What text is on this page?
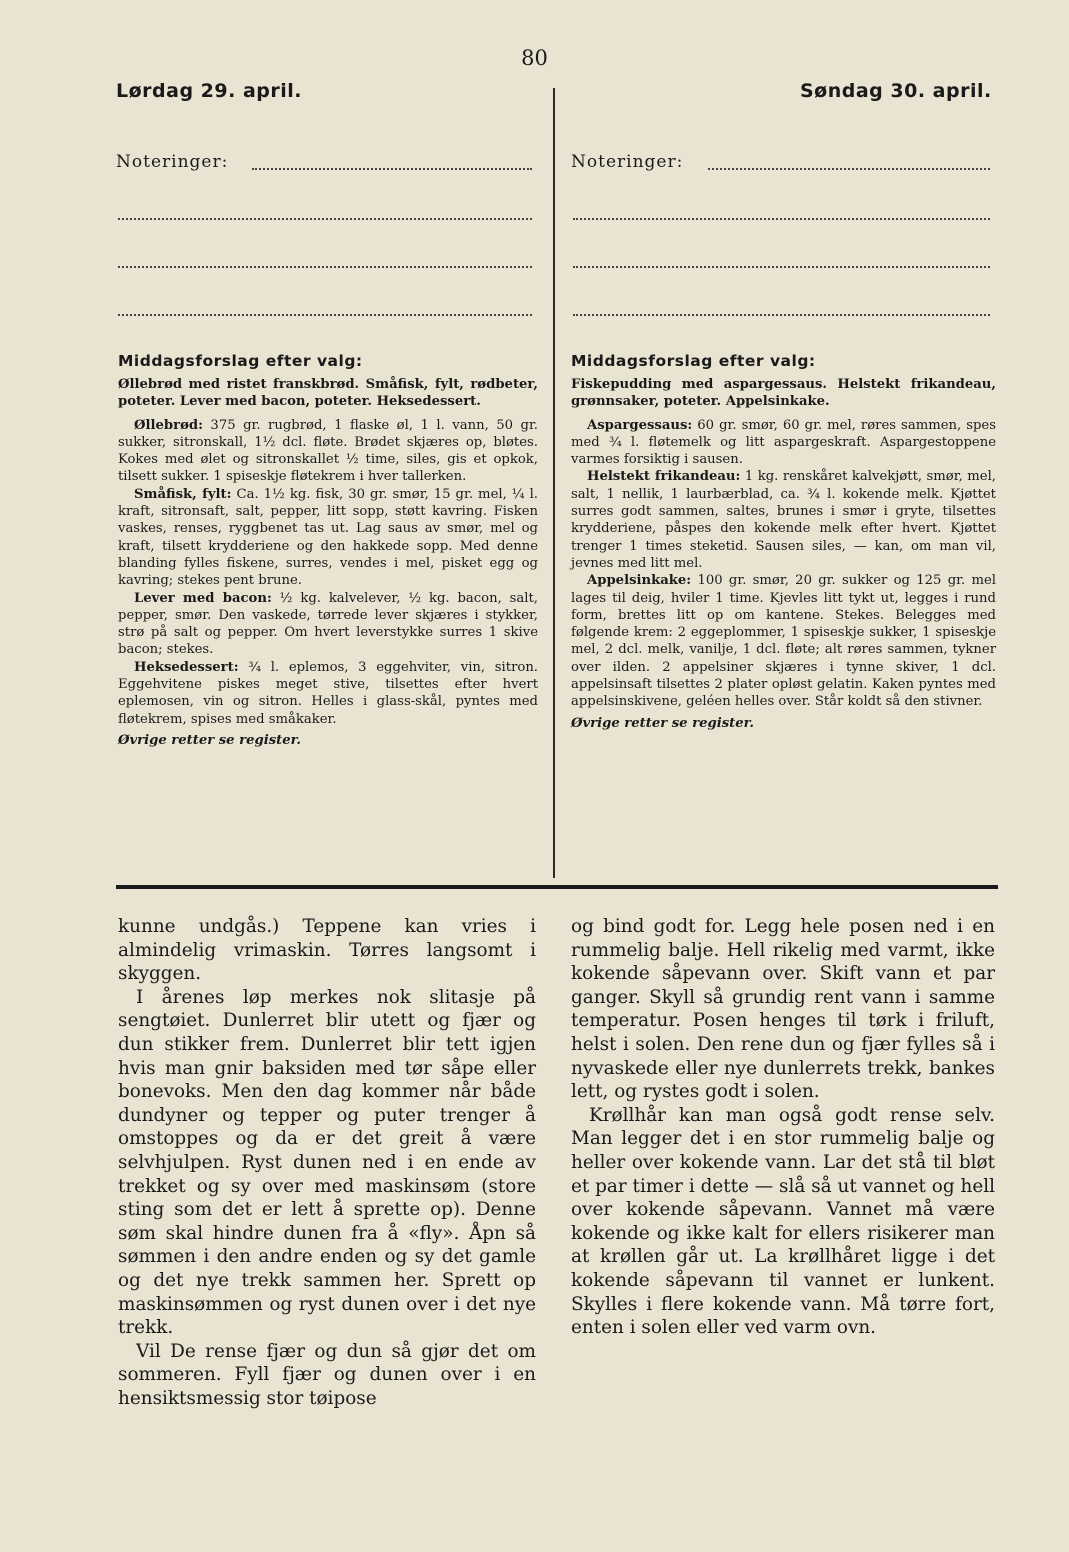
80
Lørdag 29. april.	Søndag 30. april.
Noteringer:	Noteringer:
Middagsforslag efter valg:	Middagsforslag efter valg:

Øllebrød med ristet franskbrød. Småfisk, fylt, rødbeter, poteter. Lever med bacon, poteter. Heksedessert.

Øllebrød: 375 gr. rugbrød, 1 flaske øl, 1 l. vann, 50 gr. sukker, sitronskall, 1½ dcl. fløte. Brødet skjæres op, bløtes. Kokes med ølet og sitronskallet ½ time, siles, gis et opkok, tilsett sukker. 1 spiseskje fløtekrem i hver tallerken.

Småfisk, fylt: Ca. 1½ kg. fisk, 30 gr. smør, 15 gr. mel, ¼ l. kraft, sitronsaft, salt, pepper, litt sopp, støtt kavring. Fisken vaskes, renses, ryggbenet tas ut. Lag saus av smør, mel og kraft, tilsett krydderiene og den hakkede sopp. Med denne blanding fylles fiskene, surres, vendes i mel, pisket egg og kavring; stekes pent brune.

Lever med bacon: ½ kg. kalvelever, ½ kg. bacon, salt, pepper, smør. Den vaskede, tørrede lever skjæres i stykker, strø på salt og pepper. Om hvert leverstykke surres 1 skive bacon; stekes.

Heksedessert: ¾ l. eplemos, 3 eggehviter, vin, sitron. Eggehvitene piskes meget stive, tilsettes efter hvert eplemosen, vin og sitron. Helles i glass-skål, pyntes med fløtekrem, spises med småkaker.

Øvrige retter se register.

Fiskepudding med aspargessaus. Helstekt frikandeau, grønnsaker, poteter. Appelsinkake.

Aspargessaus: 60 gr. smør, 60 gr. mel, røres sammen, spes med ¾ l. fløtemelk og litt aspargeskraft. Aspargestoppene varmes forsiktig i sausen.

Helstekt frikandeau: 1 kg. renskåret kalvekjøtt, smør, mel, salt, 1 nellik, 1 laurbærblad, ca. ¾ l. kokende melk. Kjøttet surres godt sammen, saltes, brunes i smør i gryte, tilsettes krydderiene, påspes den kokende melk efter hvert. Kjøttet trenger 1 times steketid. Sausen siles, — kan, om man vil, jevnes med litt mel.

Appelsinkake: 100 gr. smør, 20 gr. sukker og 125 gr. mel lages til deig, hviler 1 time. Kjevles litt tykt ut, legges i rund form, brettes litt op om kantene. Stekes. Belegges med følgende krem: 2 eggeplommer, 1 spiseskje sukker, 1 spiseskje mel, 2 dcl. melk, vanilje, 1 dcl. fløte; alt røres sammen, tykner over ilden. 2 appelsiner skjæres i tynne skiver, 1 dcl. appelsinsaft tilsettes 2 plater opløst gelatin. Kaken pyntes med appelsinskivene, geléen helles over. Står koldt så den stivner.

Øvrige retter se register.

kunne undgås.) Teppene kan vries i almindelig vrimaskin. Tørres langsomt i skyggen.

I årenes løp merkes nok slitasje på sengtøiet. Dunlerret blir utett og fjær og dun stikker frem. Dunlerret blir tett igjen hvis man gnir baksiden med tør såpe eller bonevoks. Men den dag kommer når både dundyner og tepper og puter trenger å omstoppes og da er det greit å være selvhjulpen. Ryst dunen ned i en ende av trekket og sy over med maskinsøm (store sting som det er lett å sprette op). Denne søm skal hindre dunen fra å «fly». Åpn så sømmen i den andre enden og sy det gamle og det nye trekk sammen her. Sprett op maskinsømmen og ryst dunen over i det nye trekk.

Vil De rense fjær og dun så gjør det om sommeren. Fyll fjær og dunen over i en hensiktsmessig stor tøipose

og bind godt for. Legg hele posen ned i en rummelig balje. Hell rikelig med varmt, ikke kokende såpevann over. Skift vann et par ganger. Skyll så grundig rent vann i samme temperatur. Posen henges til tørk i friluft, helst i solen. Den rene dun og fjær fylles så i nyvaskede eller nye dunlerrets trekk, bankes lett, og rystes godt i solen.

Krøllhår kan man også godt rense selv. Man legger det i en stor rummelig balje og heller over kokende vann. Lar det stå til bløt et par timer i dette — slå så ut vannet og hell over kokende såpevann. Vannet må være kokende og ikke kalt for ellers risikerer man at krøllen går ut. La krøllhåret ligge i det kokende såpevann til vannet er lunkent. Skylles i flere kokende vann. Må tørre fort, enten i solen eller ved varm ovn.
